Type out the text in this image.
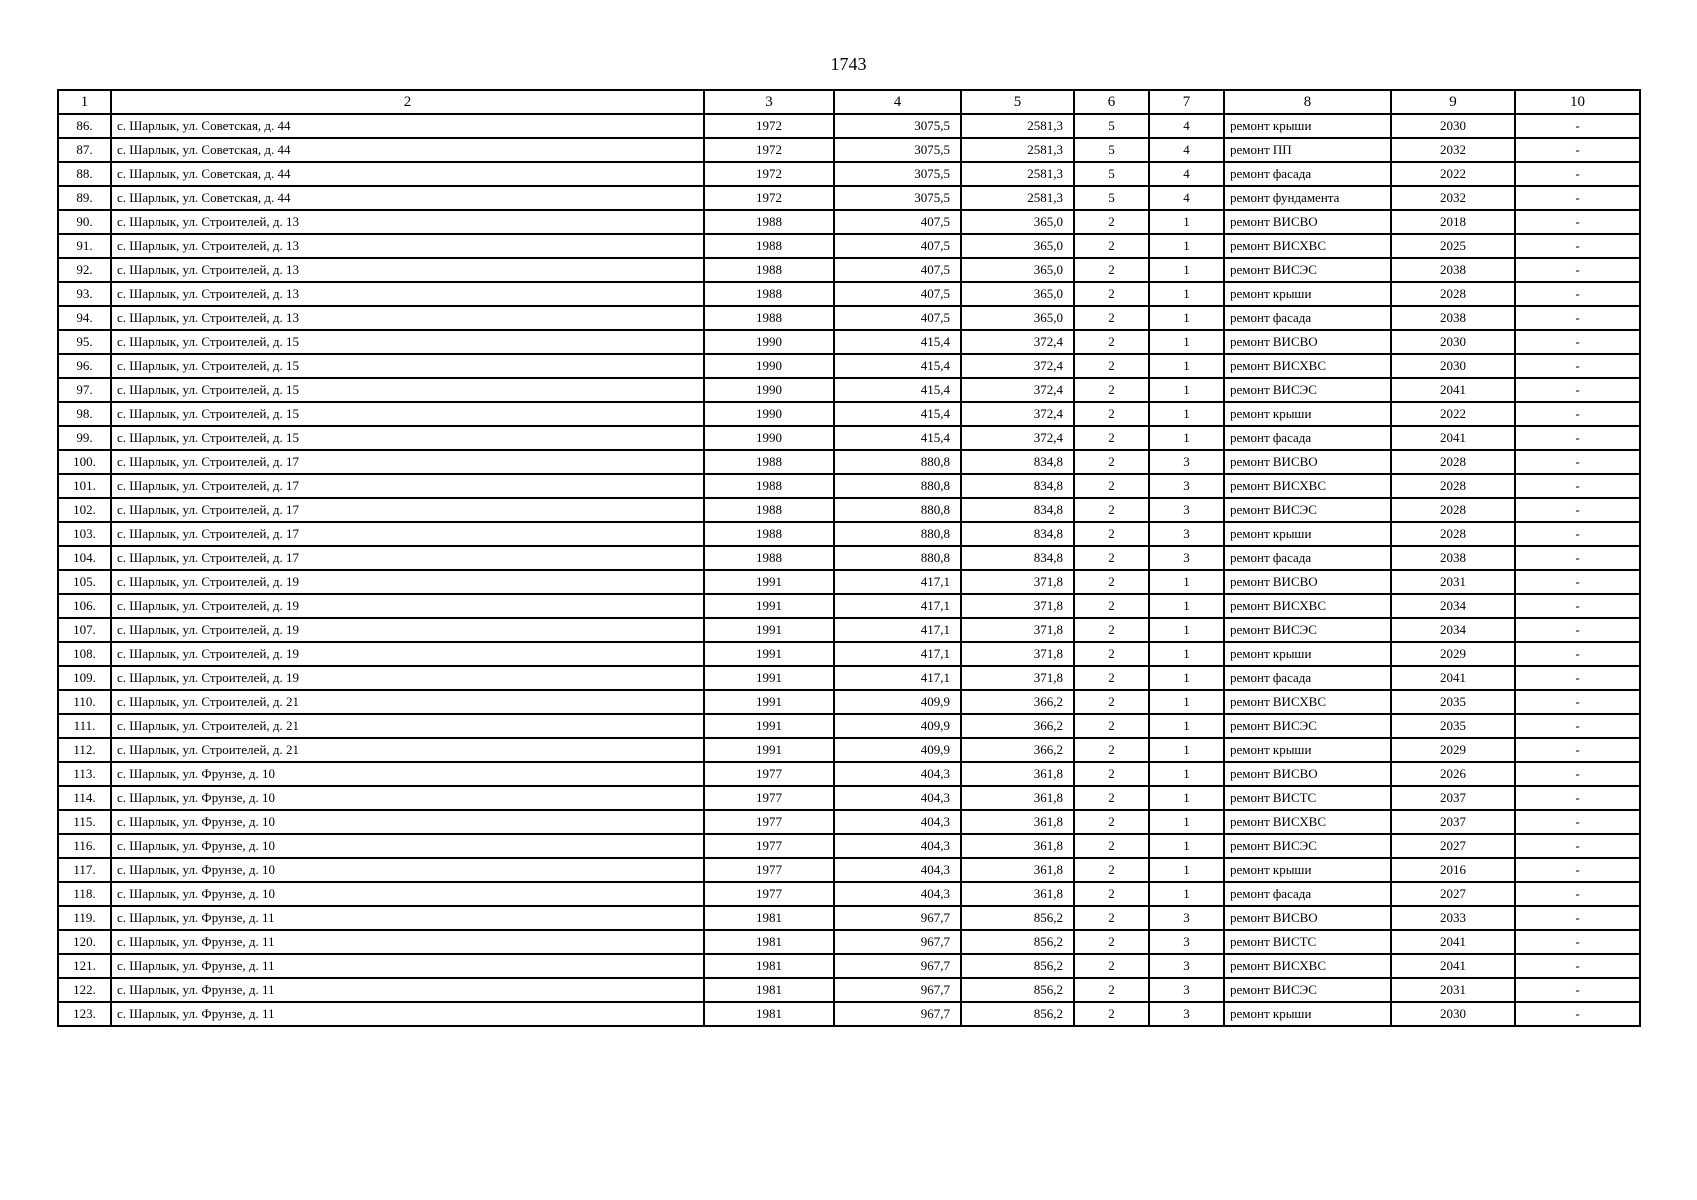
1743
1	2	3	4	5	6	7	8	9	10
86.	с. Шарлык, ул. Советская, д. 44	1972	3075,5	2581,3	5	4	ремонт крыши	2030	-
87.	с. Шарлык, ул. Советская, д. 44	1972	3075,5	2581,3	5	4	ремонт ПП	2032	-
88.	с. Шарлык, ул. Советская, д. 44	1972	3075,5	2581,3	5	4	ремонт фасада	2022	-
89.	с. Шарлык, ул. Советская, д. 44	1972	3075,5	2581,3	5	4	ремонт фундамента	2032	-
90.	с. Шарлык, ул. Строителей, д. 13	1988	407,5	365,0	2	1	ремонт ВИСВО	2018	-
91.	с. Шарлык, ул. Строителей, д. 13	1988	407,5	365,0	2	1	ремонт ВИСХВС	2025	-
92.	с. Шарлык, ул. Строителей, д. 13	1988	407,5	365,0	2	1	ремонт ВИСЭС	2038	-
93.	с. Шарлык, ул. Строителей, д. 13	1988	407,5	365,0	2	1	ремонт крыши	2028	-
94.	с. Шарлык, ул. Строителей, д. 13	1988	407,5	365,0	2	1	ремонт фасада	2038	-
95.	с. Шарлык, ул. Строителей, д. 15	1990	415,4	372,4	2	1	ремонт ВИСВО	2030	-
96.	с. Шарлык, ул. Строителей, д. 15	1990	415,4	372,4	2	1	ремонт ВИСХВС	2030	-
97.	с. Шарлык, ул. Строителей, д. 15	1990	415,4	372,4	2	1	ремонт ВИСЭС	2041	-
98.	с. Шарлык, ул. Строителей, д. 15	1990	415,4	372,4	2	1	ремонт крыши	2022	-
99.	с. Шарлык, ул. Строителей, д. 15	1990	415,4	372,4	2	1	ремонт фасада	2041	-
100.	с. Шарлык, ул. Строителей, д. 17	1988	880,8	834,8	2	3	ремонт ВИСВО	2028	-
101.	с. Шарлык, ул. Строителей, д. 17	1988	880,8	834,8	2	3	ремонт ВИСХВС	2028	-
102.	с. Шарлык, ул. Строителей, д. 17	1988	880,8	834,8	2	3	ремонт ВИСЭС	2028	-
103.	с. Шарлык, ул. Строителей, д. 17	1988	880,8	834,8	2	3	ремонт крыши	2028	-
104.	с. Шарлык, ул. Строителей, д. 17	1988	880,8	834,8	2	3	ремонт фасада	2038	-
105.	с. Шарлык, ул. Строителей, д. 19	1991	417,1	371,8	2	1	ремонт ВИСВО	2031	-
106.	с. Шарлык, ул. Строителей, д. 19	1991	417,1	371,8	2	1	ремонт ВИСХВС	2034	-
107.	с. Шарлык, ул. Строителей, д. 19	1991	417,1	371,8	2	1	ремонт ВИСЭС	2034	-
108.	с. Шарлык, ул. Строителей, д. 19	1991	417,1	371,8	2	1	ремонт крыши	2029	-
109.	с. Шарлык, ул. Строителей, д. 19	1991	417,1	371,8	2	1	ремонт фасада	2041	-
110.	с. Шарлык, ул. Строителей, д. 21	1991	409,9	366,2	2	1	ремонт ВИСХВС	2035	-
111.	с. Шарлык, ул. Строителей, д. 21	1991	409,9	366,2	2	1	ремонт ВИСЭС	2035	-
112.	с. Шарлык, ул. Строителей, д. 21	1991	409,9	366,2	2	1	ремонт крыши	2029	-
113.	с. Шарлык, ул. Фрунзе, д. 10	1977	404,3	361,8	2	1	ремонт ВИСВО	2026	-
114.	с. Шарлык, ул. Фрунзе, д. 10	1977	404,3	361,8	2	1	ремонт ВИСТС	2037	-
115.	с. Шарлык, ул. Фрунзе, д. 10	1977	404,3	361,8	2	1	ремонт ВИСХВС	2037	-
116.	с. Шарлык, ул. Фрунзе, д. 10	1977	404,3	361,8	2	1	ремонт ВИСЭС	2027	-
117.	с. Шарлык, ул. Фрунзе, д. 10	1977	404,3	361,8	2	1	ремонт крыши	2016	-
118.	с. Шарлык, ул. Фрунзе, д. 10	1977	404,3	361,8	2	1	ремонт фасада	2027	-
119.	с. Шарлык, ул. Фрунзе, д. 11	1981	967,7	856,2	2	3	ремонт ВИСВО	2033	-
120.	с. Шарлык, ул. Фрунзе, д. 11	1981	967,7	856,2	2	3	ремонт ВИСТС	2041	-
121.	с. Шарлык, ул. Фрунзе, д. 11	1981	967,7	856,2	2	3	ремонт ВИСХВС	2041	-
122.	с. Шарлык, ул. Фрунзе, д. 11	1981	967,7	856,2	2	3	ремонт ВИСЭС	2031	-
123.	с. Шарлык, ул. Фрунзе, д. 11	1981	967,7	856,2	2	3	ремонт крыши	2030	-
